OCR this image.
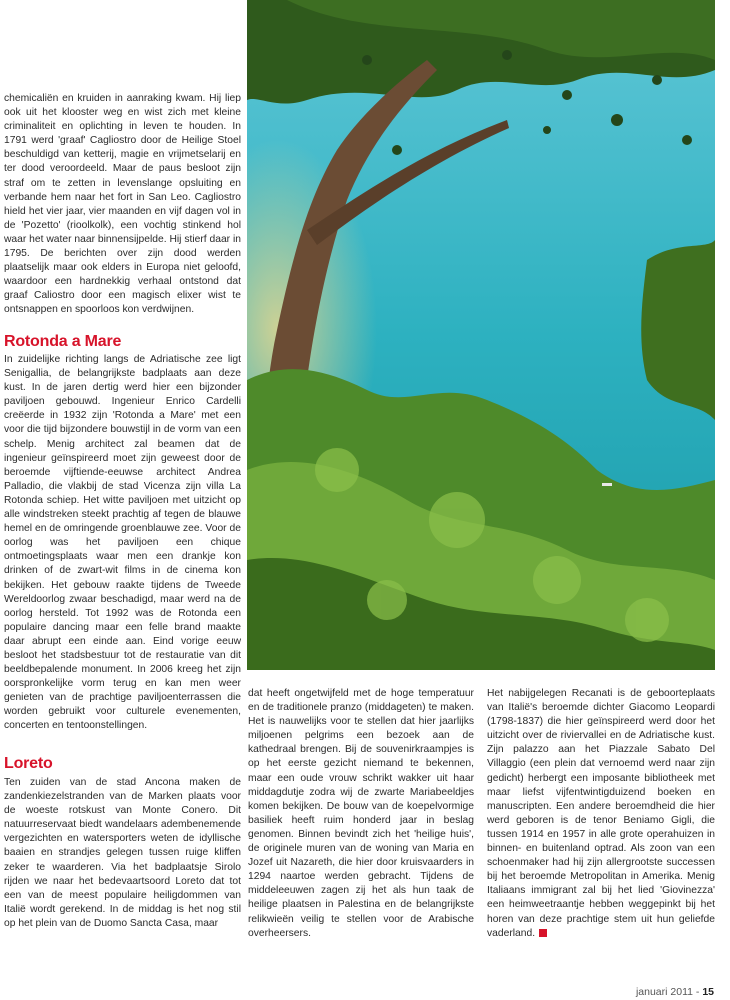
chemicaliën en kruiden in aanraking kwam. Hij liep ook uit het klooster weg en wist zich met kleine criminaliteit en oplichting in leven te houden. In 1791 werd 'graaf' Cagliostro door de Heilige Stoel beschuldigd van ketterij, magie en vrijmetselarij en ter dood veroordeeld. Maar de paus besloot zijn straf om te zetten in levenslange opsluiting en verbande hem naar het fort in San Leo. Cagliostro hield het vier jaar, vier maanden en vijf dagen vol in de 'Pozetto' (rioolkolk), een vochtig stinkend hol waar het water naar binnensijpelde. Hij stierf daar in 1795. De berichten over zijn dood werden plaatselijk maar ook elders in Europa niet geloofd, waardoor een hardnekkig verhaal ontstond dat graaf Caliostro door een magisch elixer wist te ontsnappen en spoorloos kon verdwijnen.

Rotonda a Mare

In zuidelijke richting langs de Adriatische zee ligt Senigallia, de belangrijkste badplaats aan deze kust. In de jaren dertig werd hier een bijzonder paviljoen gebouwd. Ingenieur Enrico Cardelli creëerde in 1932 zijn 'Rotonda a Mare' met een voor die tijd bijzondere bouwstijl in de vorm van een schelp. Menig architect zal beamen dat de ingenieur geïnspireerd moet zijn geweest door de beroemde vijftiende-eeuwse architect Andrea Palladio, die vlakbij de stad Vicenza zijn villa La Rotonda schiep. Het witte paviljoen met uitzicht op alle windstreken steekt prachtig af tegen de blauwe hemel en de omringende groenblauwe zee. Voor de oorlog was het paviljoen een chique ontmoetingsplaats waar men een drankje kon drinken of de zwart-wit films in de cinema kon bekijken. Het gebouw raakte tijdens de Tweede Wereldoorlog zwaar beschadigd, maar werd na de oorlog hersteld. Tot 1992 was de Rotonda een populaire dancing maar een felle brand maakte daar abrupt een einde aan. Eind vorige eeuw besloot het stadsbestuur tot de restauratie van dit beeldbepalende monument. In 2006 kreeg het zijn oorspronkelijke vorm terug en kan men weer genieten van de prachtige paviljoenterrassen die worden gebruikt voor culturele evenementen, concerten en tentoonstellingen.

Loreto

Ten zuiden van de stad Ancona maken de zandenkiezelstranden van de Marken plaats voor de woeste rotskust van Monte Conero. Dit natuurreservaat biedt wandelaars adembenemende vergezichten en watersporters weten de idyllische baaien en strandjes gelegen tussen ruige kliffen zeker te waarderen. Via het badplaatsje Sirolo rijden we naar het bedevaartsoord Loreto dat tot een van de meest populaire heiligdommen van Italië wordt gerekend. In de middag is het nog stil op het plein van de Duomo Sancta Casa, maar

dat heeft ongetwijfeld met de hoge temperatuur en de traditionele pranzo (middageten) te maken. Het is nauwelijks voor te stellen dat hier jaarlijks miljoenen pelgrims een bezoek aan de kathedraal brengen. Bij de souvenirkraampjes is op het eerste gezicht niemand te bekennen, maar een oude vrouw schrikt wakker uit haar middagdutje zodra wij de zwarte Mariabeeldjes komen bekijken. De bouw van de koepelvormige basiliek heeft ruim honderd jaar in beslag genomen. Binnen bevindt zich het 'heilige huis', de originele muren van de woning van Maria en Jozef uit Nazareth, die hier door kruisvaarders in 1294 naartoe werden gebracht. Tijdens de middeleeuwen zagen zij het als hun taak de heilige plaatsen in Palestina en de belangrijkste relikwieën veilig te stellen voor de Arabische overheersers.

Het nabijgelegen Recanati is de geboorteplaats van Italië's beroemde dichter Giacomo Leopardi (1798-1837) die hier geïnspireerd werd door het uitzicht over de riviervallei en de Adriatische kust. Zijn palazzo aan het Piazzale Sabato Del Villaggio (een plein dat vernoemd werd naar zijn gedicht) herbergt een imposante bibliotheek met maar liefst vijfentwintigduizend boeken en manuscripten. Een andere beroemdheid die hier werd geboren is de tenor Beniamo Gigli, die tussen 1914 en 1957 in alle grote operahuizen in binnen- en buitenland optrad. Als zoon van een schoenmaker had hij zijn allergrootste successen bij het beroemde Metropolitan in Amerika. Menig Italiaans immigrant zal bij het lied 'Giovinezza' een heimweetraantje hebben weggepinkt bij het horen van deze prachtige stem uit hun geliefde vaderland.

januari 2011 - 15
